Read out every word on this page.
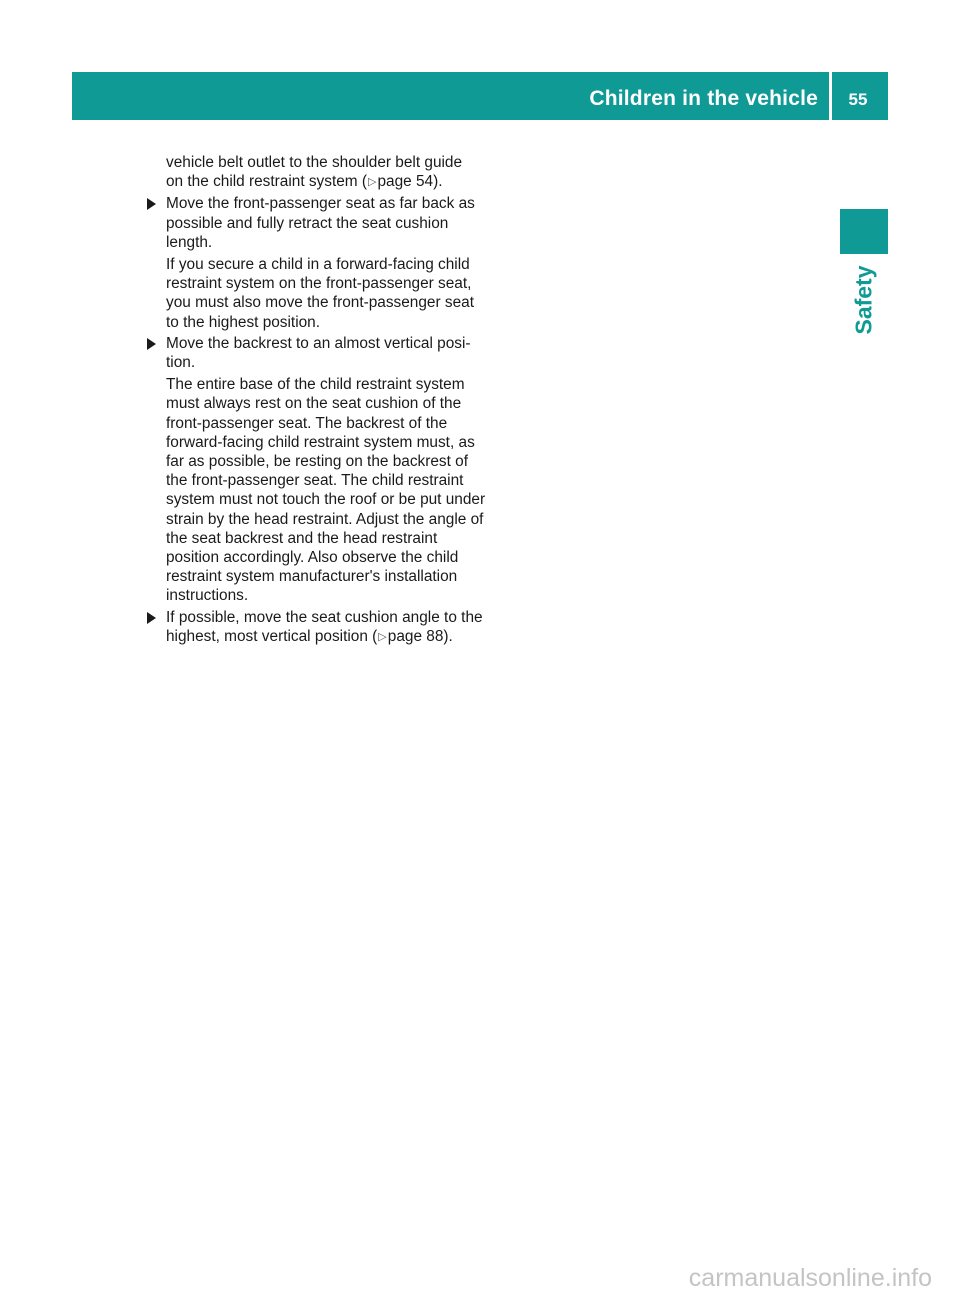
Children in the vehicle	55
Safety

vehicle belt outlet to the shoulder belt guide
on the child restraint system (▷page 54).

Move the front-passenger seat as far back as possible and fully retract the seat cushion length.

If you secure a child in a forward-facing child restraint system on the front-passenger seat, you must also move the front-passenger seat to the highest position.

Move the backrest to an almost vertical posi-tion.

The entire base of the child restraint system must always rest on the seat cushion of the front-passenger seat. The backrest of the forward-facing child restraint system must, as far as possible, be resting on the backrest of the front-passenger seat. The child restraint system must not touch the roof or be put under strain by the head restraint. Adjust the angle of the seat backrest and the head restraint position accordingly. Also observe the child restraint system manufacturer's installation instructions.

If possible, move the seat cushion angle to the highest, most vertical position (▷page 88).

carmanualsonline.info
